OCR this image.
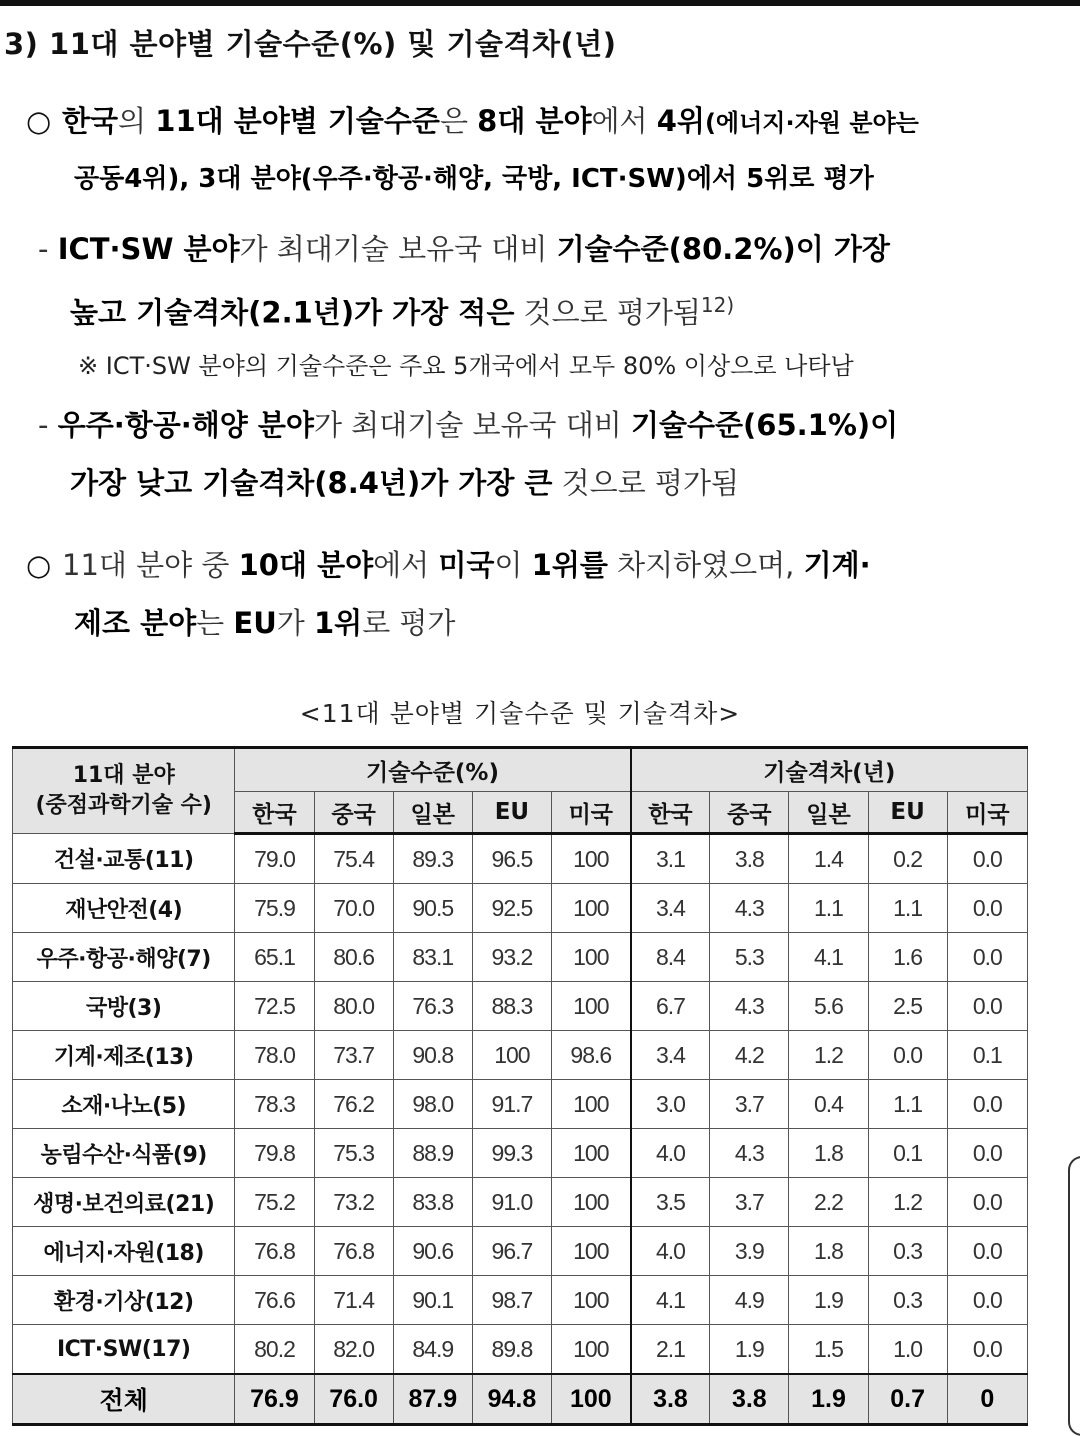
3) 11대 분야별 기술수준(%) 및 기술격차(년)
○ 한국의 11대 분야별 기술수준은 8대 분야에서 4위(에너지·자원 분야는
공동4위), 3대 분야(우주·항공·해양, 국방, ICT·SW)에서 5위로 평가
- ICT·SW 분야가 최대기술 보유국 대비 기술수준(80.2%)이 가장
높고 기술격차(2.1년)가 가장 적은 것으로 평가됨$^{12)}$
※ ICT·SW 분야의 기술수준은 주요 5개국에서 모두 80% 이상으로 나타남
- 우주·항공·해양 분야가 최대기술 보유국 대비 기술수준(65.1%)이
가장 낮고 기술격차(8.4년)가 가장 큰 것으로 평가됨
○ 11대 분야 중 10대 분야에서 미국이 1위를 차지하였으며, 기계·
제조 분야는 EU가 1위로 평가
<11대 분야별 기술수준 및 기술격차>
11대 분야
(중점과학기술 수)	기술수준(%)					기술격차(년)				
	한국	중국	일본	EU	미국	한국	중국	일본	EU	미국
건설·교통(11)	79.0	75.4	89.3	96.5	100	3.1	3.8	1.4	0.2	0.0
재난안전(4)	75.9	70.0	90.5	92.5	100	3.4	4.3	1.1	1.1	0.0
우주·항공·해양(7)	65.1	80.6	83.1	93.2	100	8.4	5.3	4.1	1.6	0.0
국방(3)	72.5	80.0	76.3	88.3	100	6.7	4.3	5.6	2.5	0.0
기계·제조(13)	78.0	73.7	90.8	100	98.6	3.4	4.2	1.2	0.0	0.1
소재·나노(5)	78.3	76.2	98.0	91.7	100	3.0	3.7	0.4	1.1	0.0
농림수산·식품(9)	79.8	75.3	88.9	99.3	100	4.0	4.3	1.8	0.1	0.0
생명·보건의료(21)	75.2	73.2	83.8	91.0	100	3.5	3.7	2.2	1.2	0.0
에너지·자원(18)	76.8	76.8	90.6	96.7	100	4.0	3.9	1.8	0.3	0.0
환경·기상(12)	76.6	71.4	90.1	98.7	100	4.1	4.9	1.9	0.3	0.0
ICT·SW(17)	80.2	82.0	84.9	89.8	100	2.1	1.9	1.5	1.0	0.0
전체	76.9	76.0	87.9	94.8	100	3.8	3.8	1.9	0.7	0
